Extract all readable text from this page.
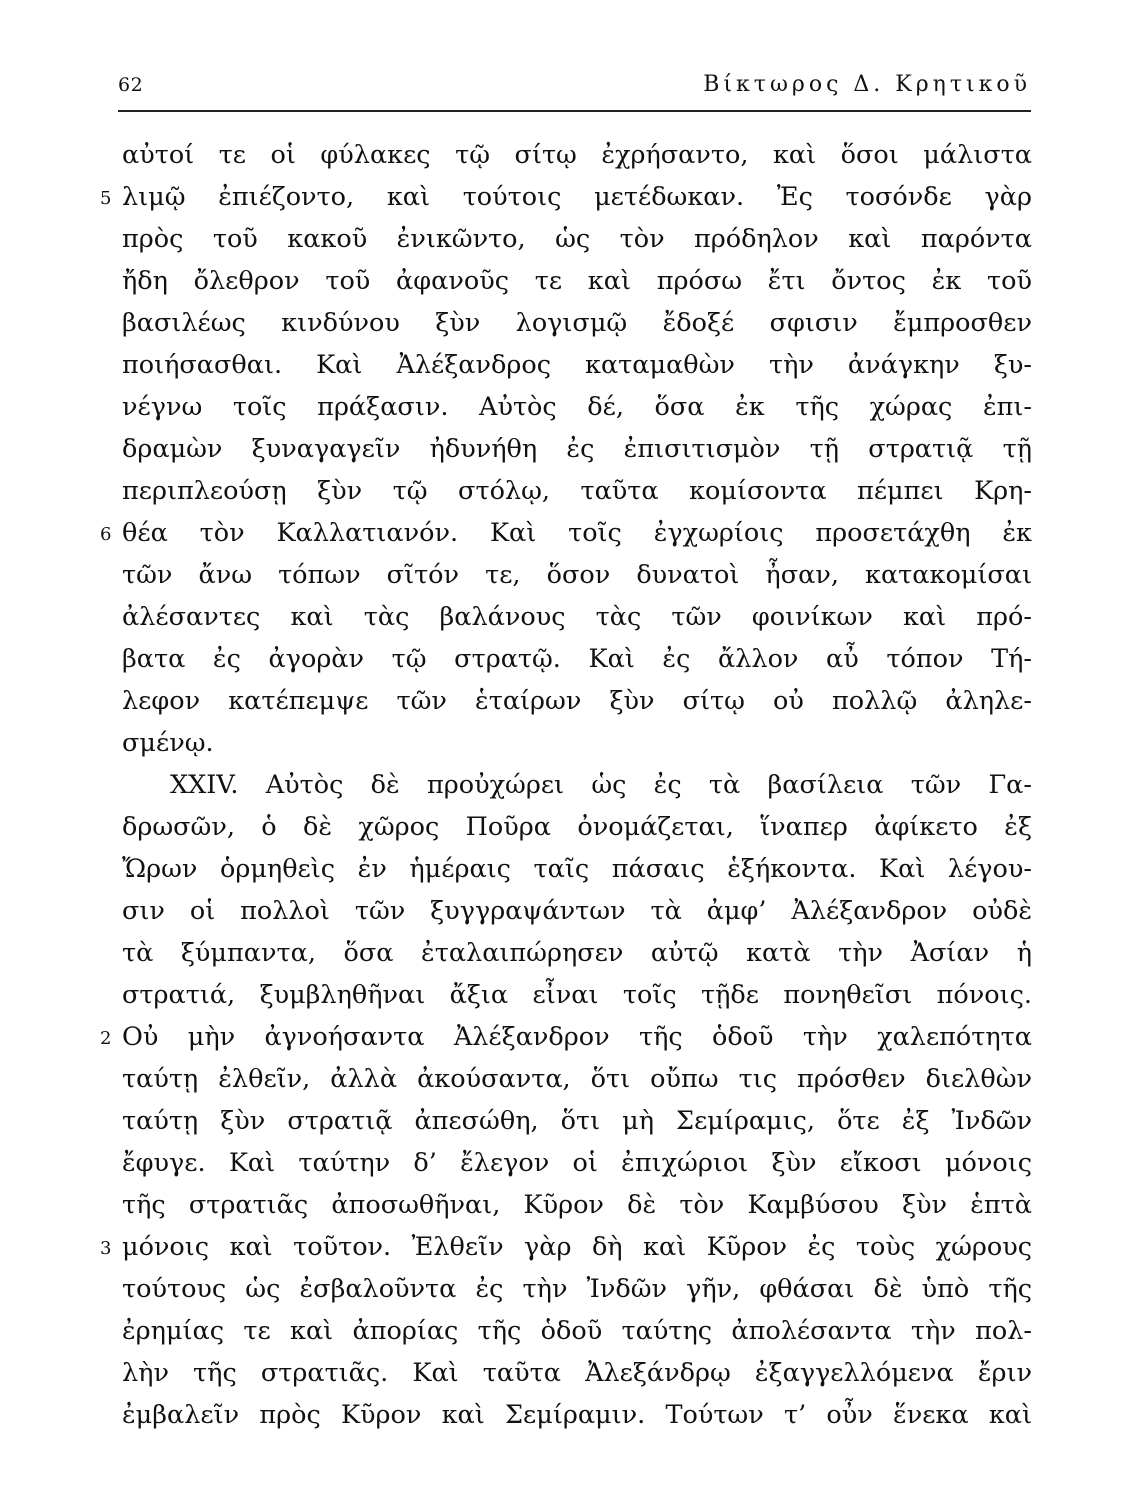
62	Βίκτωρος Δ. Κρητικοῦ
αὐτοί τε οἱ φύλακες τῷ σίτῳ ἐχρήσαντο, καὶ ὅσοι μάλιστα
5 λιμῷ ἐπιέζοντο, καὶ τούτοις μετέδωκαν. Ἐς τοσόνδε γὰρ
πρὸς τοῦ κακοῦ ἐνικῶντο, ὡς τὸν πρόδηλον καὶ παρόντα
ἤδη ὄλεθρον τοῦ ἀφανοῦς τε καὶ πρόσω ἔτι ὄντος ἐκ τοῦ
βασιλέως κινδύνου ξὺν λογισμῷ ἔδοξέ σφισιν ἔμπροσθεν
ποιήσασθαι. Καὶ Ἀλέξανδρος καταμαθὼν τὴν ἀνάγκην ξυ-
νέγνω τοῖς πράξασιν. Αὐτὸς δέ, ὅσα ἐκ τῆς χώρας ἐπι-
δραμὼν ξυναγαγεῖν ἠδυνήθη ἐς ἐπισιτισμὸν τῇ στρατιᾷ τῇ
περιπλεούσῃ ξὺν τῷ στόλῳ, ταῦτα κομίσοντα πέμπει Κρη-
6 θέα τὸν Καλλατιανόν. Καὶ τοῖς ἐγχωρίοις προσετάχθη ἐκ
τῶν ἄνω τόπων σῖτόν τε, ὅσον δυνατοὶ ἦσαν, κατακομίσαι
ἀλέσαντες καὶ τὰς βαλάνους τὰς τῶν φοινίκων καὶ πρό-
βατα ἐς ἀγορὰν τῷ στρατῷ. Καὶ ἐς ἄλλον αὖ τόπον Τή-
λεφον κατέπεμψε τῶν ἑταίρων ξὺν σίτῳ οὐ πολλῷ ἀληλε-
σμένῳ.
XXIV. Αὐτὸς δὲ προὐχώρει ὡς ἐς τὰ βασίλεια τῶν Γα-
δρωσῶν, ὁ δὲ χῶρος Ποῦρα ὀνομάζεται, ἵναπερ ἀφίκετο ἐξ
Ὤρων ὁρμηθεὶς ἐν ἡμέραις ταῖς πάσαις ἑξήκοντα. Καὶ λέγου-
σιν οἱ πολλοὶ τῶν ξυγγραψάντων τὰ ἀμφ’ Ἀλέξανδρον οὐδὲ
τὰ ξύμπαντα, ὅσα ἐταλαιπώρησεν αὐτῷ κατὰ τὴν Ἀσίαν ἡ
στρατιά, ξυμβληθῆναι ἄξια εἶναι τοῖς τῇδε πονηθεῖσι πόνοις.
2 Οὐ μὴν ἀγνοήσαντα Ἀλέξανδρον τῆς ὁδοῦ τὴν χαλεπότητα
ταύτῃ ἐλθεῖν, ἀλλὰ ἀκούσαντα, ὅτι οὔπω τις πρόσθεν διελθὼν
ταύτῃ ξὺν στρατιᾷ ἀπεσώθη, ὅτι μὴ Σεμίραμις, ὅτε ἐξ Ἰνδῶν
ἔφυγε. Καὶ ταύτην δ’ ἔλεγον οἱ ἐπιχώριοι ξὺν εἴκοσι μόνοις
τῆς στρατιᾶς ἀποσωθῆναι, Κῦρον δὲ τὸν Καμβύσου ξὺν ἑπτὰ
3 μόνοις καὶ τοῦτον. Ἐλθεῖν γὰρ δὴ καὶ Κῦρον ἐς τοὺς χώρους
τούτους ὡς ἐσβαλοῦντα ἐς τὴν Ἰνδῶν γῆν, φθάσαι δὲ ὑπὸ τῆς
ἐρημίας τε καὶ ἀπορίας τῆς ὁδοῦ ταύτης ἀπολέσαντα τὴν πολ-
λὴν τῆς στρατιᾶς. Καὶ ταῦτα Ἀλεξάνδρῳ ἐξαγγελλόμενα ἔριν
ἐμβαλεῖν πρὸς Κῦρον καὶ Σεμίραμιν. Τούτων τ’ οὖν ἕνεκα καὶ
